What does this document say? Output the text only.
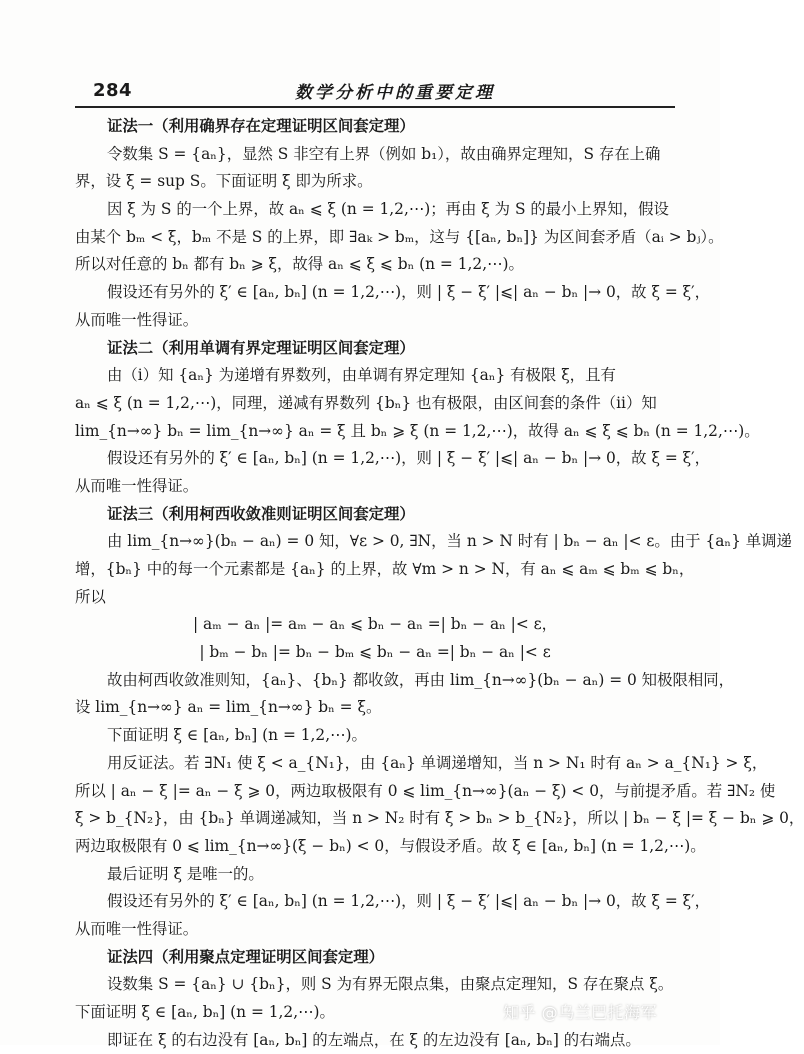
284	数学分析中的重要定理
证法一（利用确界存在定理证明区间套定理）
令数集 S = {aₙ}，显然 S 非空有上界（例如 b₁），故由确界定理知，S 存在上确
界，设 ξ = sup S。下面证明 ξ 即为所求。
因 ξ 为 S 的一个上界，故 aₙ ⩽ ξ (n = 1,2,⋯)；再由 ξ 为 S 的最小上界知，假设
由某个 bₘ < ξ，bₘ 不是 S 的上界，即 ∃aₖ > bₘ，这与 {[aₙ, bₙ]} 为区间套矛盾（aᵢ > bⱼ）。
所以对任意的 bₙ 都有 bₙ ⩾ ξ，故得 aₙ ⩽ ξ ⩽ bₙ (n = 1,2,⋯)。
假设还有另外的 ξ′ ∈ [aₙ, bₙ] (n = 1,2,⋯)，则 | ξ − ξ′ |⩽| aₙ − bₙ |→ 0，故 ξ = ξ′，
从而唯一性得证。
证法二（利用单调有界定理证明区间套定理）
由（i）知 {aₙ} 为递增有界数列，由单调有界定理知 {aₙ} 有极限 ξ，且有
aₙ ⩽ ξ (n = 1,2,⋯)，同理，递减有界数列 {bₙ} 也有极限，由区间套的条件（ii）知
lim_{n→∞} bₙ = lim_{n→∞} aₙ = ξ 且 bₙ ⩾ ξ (n = 1,2,⋯)，故得 aₙ ⩽ ξ ⩽ bₙ (n = 1,2,⋯)。
假设还有另外的 ξ′ ∈ [aₙ, bₙ] (n = 1,2,⋯)，则 | ξ − ξ′ |⩽| aₙ − bₙ |→ 0，故 ξ = ξ′，
从而唯一性得证。
证法三（利用柯西收敛准则证明区间套定理）
由 lim_{n→∞}(bₙ − aₙ) = 0 知，∀ε > 0, ∃N，当 n > N 时有 | bₙ − aₙ |< ε。由于 {aₙ} 单调递
增，{bₙ} 中的每一个元素都是 {aₙ} 的上界，故 ∀m > n > N，有 aₙ ⩽ aₘ ⩽ bₘ ⩽ bₙ，
所以
| aₘ − aₙ |= aₘ − aₙ ⩽ bₙ − aₙ =| bₙ − aₙ |< ε，
| bₘ − bₙ |= bₙ − bₘ ⩽ bₙ − aₙ =| bₙ − aₙ |< ε
故由柯西收敛准则知，{aₙ}、{bₙ} 都收敛，再由 lim_{n→∞}(bₙ − aₙ) = 0 知极限相同，
设 lim_{n→∞} aₙ = lim_{n→∞} bₙ = ξ。
下面证明 ξ ∈ [aₙ, bₙ] (n = 1,2,⋯)。
用反证法。若 ∃N₁ 使 ξ < a_{N₁}，由 {aₙ} 单调递增知，当 n > N₁ 时有 aₙ > a_{N₁} > ξ，
所以 | aₙ − ξ |= aₙ − ξ ⩾ 0，两边取极限有 0 ⩽ lim_{n→∞}(aₙ − ξ) < 0，与前提矛盾。若 ∃N₂ 使
ξ > b_{N₂}，由 {bₙ} 单调递减知，当 n > N₂ 时有 ξ > bₙ > b_{N₂}，所以 | bₙ − ξ |= ξ − bₙ ⩾ 0，
两边取极限有 0 ⩽ lim_{n→∞}(ξ − bₙ) < 0，与假设矛盾。故 ξ ∈ [aₙ, bₙ] (n = 1,2,⋯)。
最后证明 ξ 是唯一的。
假设还有另外的 ξ′ ∈ [aₙ, bₙ] (n = 1,2,⋯)，则 | ξ − ξ′ |⩽| aₙ − bₙ |→ 0，故 ξ = ξ′，
从而唯一性得证。
证法四（利用聚点定理证明区间套定理）
设数集 S = {aₙ} ∪ {bₙ}，则 S 为有界无限点集，由聚点定理知，S 存在聚点 ξ。
下面证明 ξ ∈ [aₙ, bₙ] (n = 1,2,⋯)。
即证在 ξ 的右边没有 [aₙ, bₙ] 的左端点，在 ξ 的左边没有 [aₙ, bₙ] 的右端点。
知乎 @乌兰巴托海军
